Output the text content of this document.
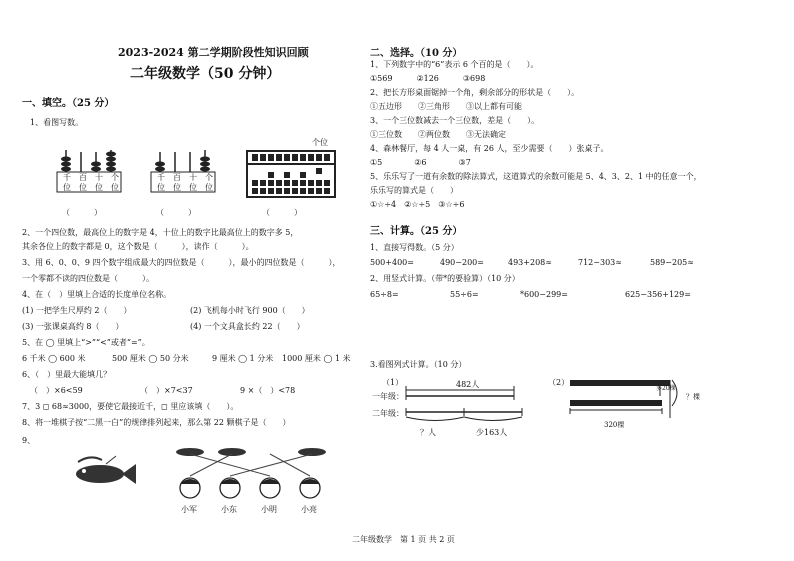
2023-2024 第二学期阶段性知识回顾
二年级数学（50 分钟）
一、填空。（25 分）
1、看图写数。
千百十个
位位位位
（　　　）
千百十个
位位位位
（　　　）
个位
（　　　）
2、一个四位数，最高位上的数字是 4，十位上的数字比最高位上的数字多 5，
其余各位上的数字都是 0，这个数是（　　　），读作（　　　）。
3、用 6、0、0、9 四个数字组成最大的四位数是（　　　），最小的四位数是（　　　），
一个零都不读的四位数是（　　　）。
4、在（　）里填上合适的长度单位名称。
(1) 一把学生尺厚约 2（　　）	(2) 飞机每小时飞行 900（　　）
(3) 一张课桌高约 8（　　）	(4) 一个文具盒长约 22（　　）
5、在 ◯ 里填上“>”“<”或者“=”。
6 千米 ◯ 600 米	500 厘米 ◯ 50 分米	9 厘米 ◯ 1 分米 1000 厘米 ◯ 1 米
6、（　）里最大能填几？
（　）×6<59	（　）×7<37	9 ×（　）<78
7、3 ◻ 68≈3000，要使它最接近千，◻ 里应该填（　　）。
8、将一堆棋子按“二黑一白”的规律排列起来，那么第 22 颗棋子是（　　）
9、
小军	小东	小明	小亮
二、选择。（10 分）
1、下列数字中的“6”表示 6 个百的是（　　）。
①569　　　②126　　　③698
2、把长方形桌面锯掉一个角，剩余部分的形状是（　　）。
①五边形　　②三角形　　③以上都有可能
3、一个三位数减去一个三位数，差是（　　）。
①三位数　　②两位数　　③无法确定
4、森林餐厅，每 4 人一桌，有 26 人，至少需要（　　）张桌子。
①5　　　　②6　　　　③7
5、乐乐写了一道有余数的除法算式，这道算式的余数可能是 5、4、3、2、1 中的任意一个，
乐乐写的算式是（　　）
①☆÷4　②☆÷5　③☆÷6
三、计算。（25 分）
1、直接写得数。（5 分）
500+400=	490−200=	493+208≈	712−303≈	589−205≈
2、用竖式计算。（带*的要验算）（10 分）
65÷8=	55÷6=	*600−299=	625−356+129=
3.看图列式计算。（10 分）
（1）	482人
一年级：
二年级：
？人	少163人
（2）
多20棵
？棵
320棵
二年级数学　第 1 页 共 2 页
